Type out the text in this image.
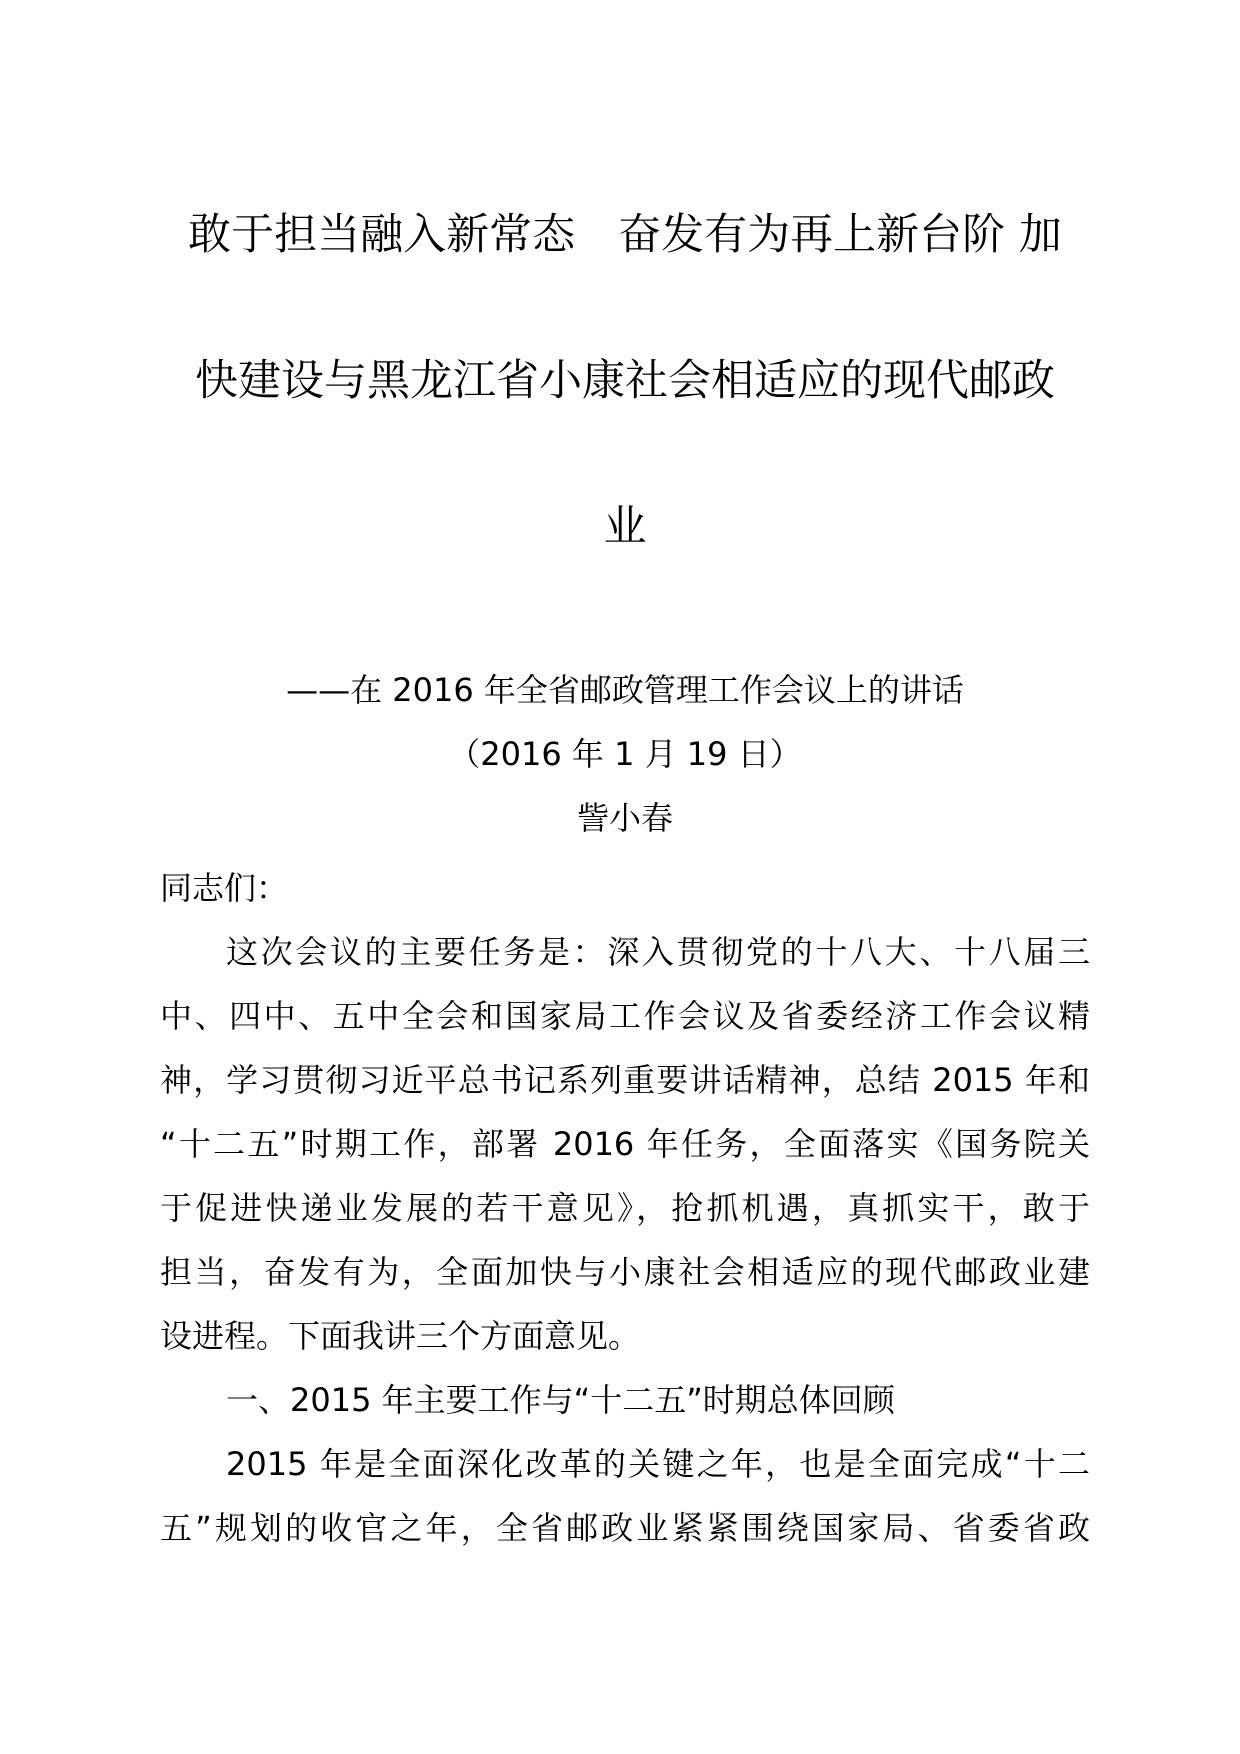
敢于担当融入新常态　奋发有为再上新台阶 加
快建设与黑龙江省小康社会相适应的现代邮政
业
——在 2016 年全省邮政管理工作会议上的讲话
（2016 年 1 月 19 日）
訾小春
同志们：
这次会议的主要任务是：深入贯彻党的十八大、十八届三
中、四中、五中全会和国家局工作会议及省委经济工作会议精
神，学习贯彻习近平总书记系列重要讲话精神，总结 2015 年和
“十二五”时期工作，部署 2016 年任务，全面落实《国务院关
于促进快递业发展的若干意见》，抢抓机遇，真抓实干，敢于
担当，奋发有为，全面加快与小康社会相适应的现代邮政业建
设进程。下面我讲三个方面意见。
一、2015 年主要工作与“十二五”时期总体回顾
2015 年是全面深化改革的关键之年，也是全面完成“十二
五”规划的收官之年，全省邮政业紧紧围绕国家局、省委省政
